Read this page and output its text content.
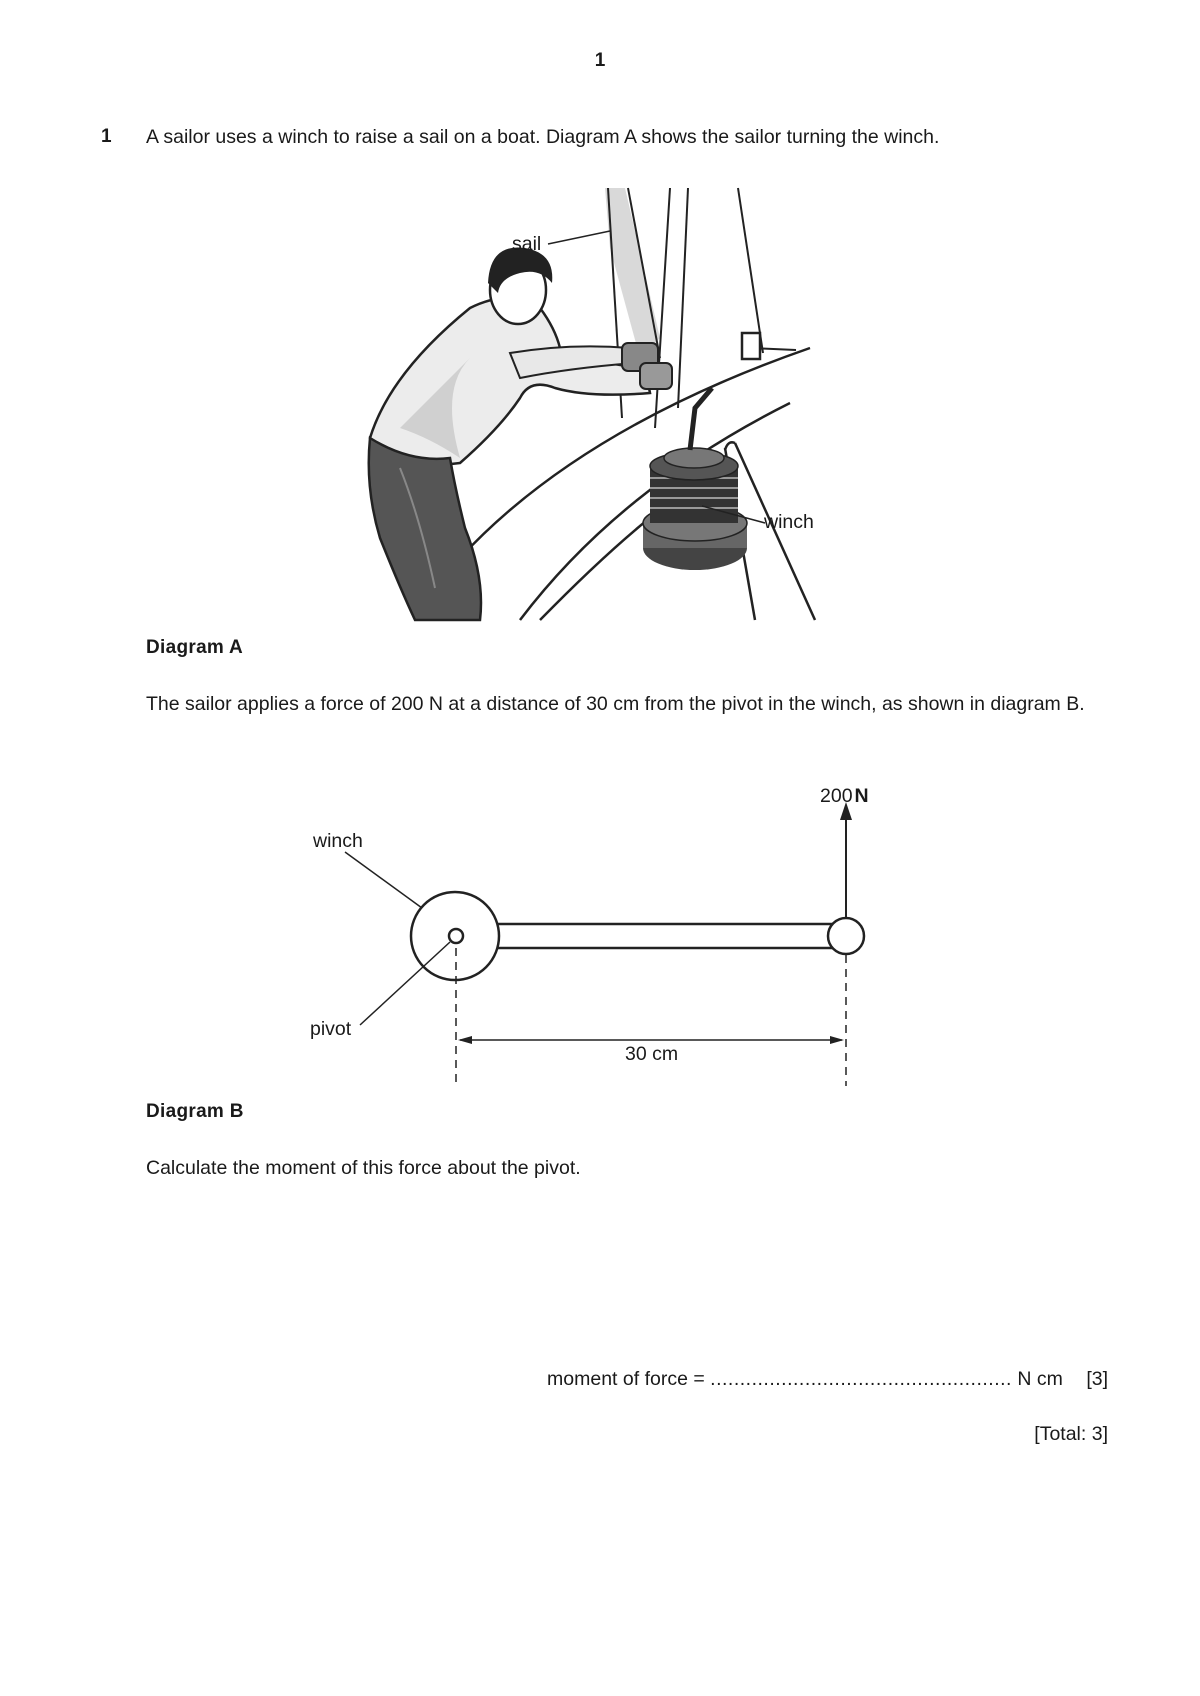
1
1 A sailor uses a winch to raise a sail on a boat. Diagram A shows the sailor turning the winch.
sail
winch
Diagram A
The sailor applies a force of 200 N at a distance of 30 cm from the pivot in the winch, as shown in diagram B.
200 N
30 cm
winch
pivot
Diagram B
Calculate the moment of this force about the pivot.
moment of force = ................................................... N cm [3]
[Total: 3]
